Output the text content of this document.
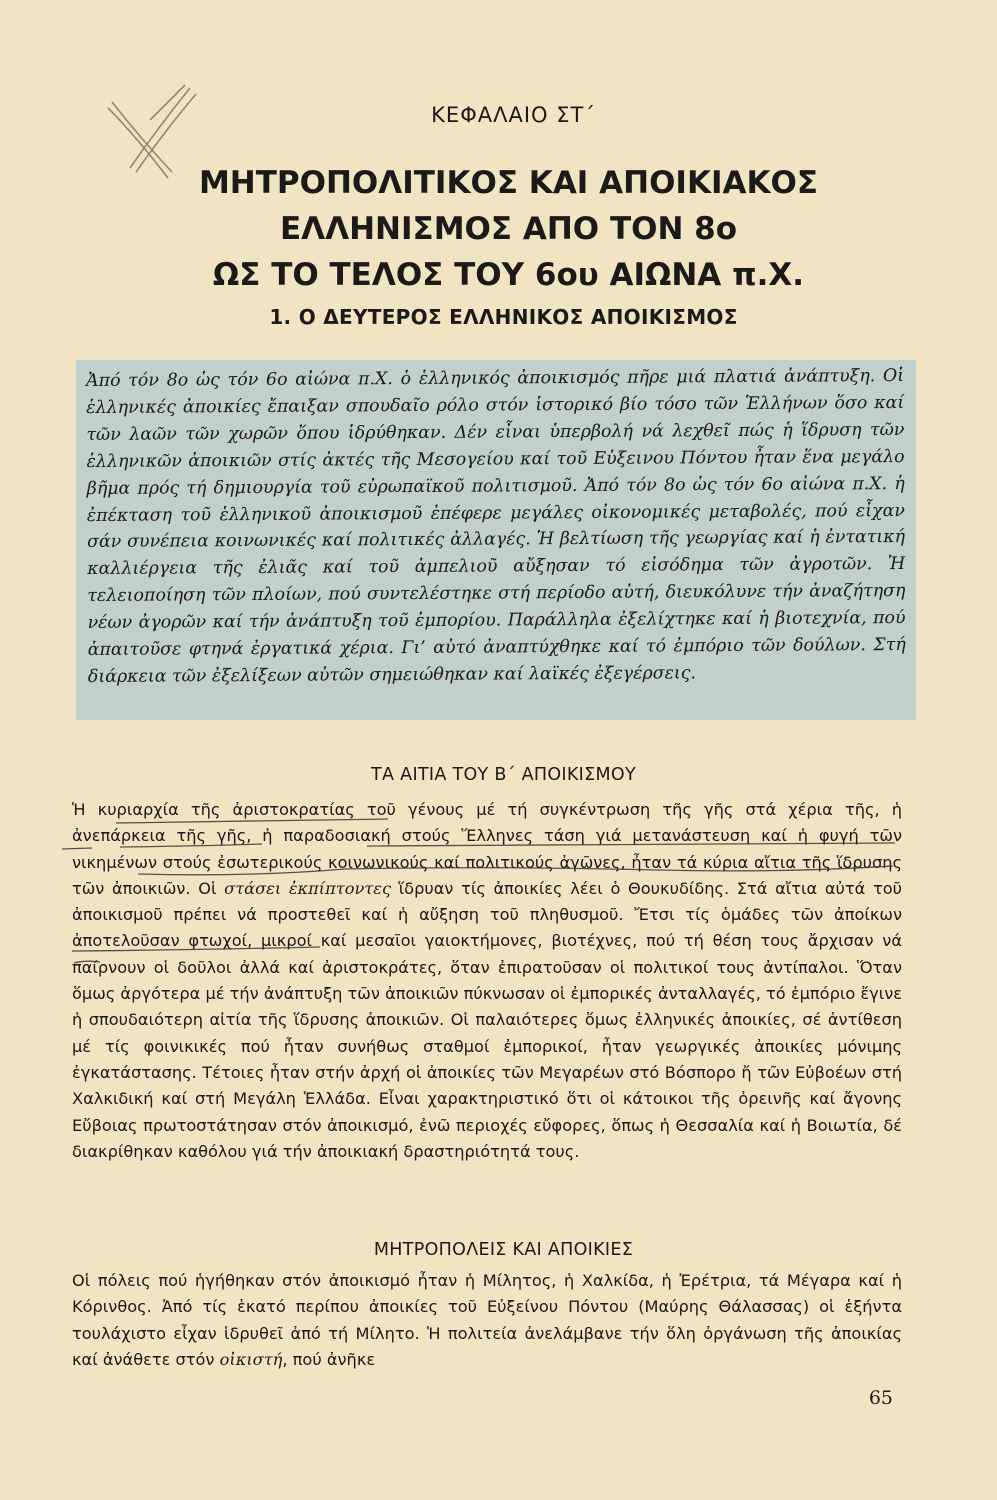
ΚΕΦΑΛΑΙΟ ΣΤ΄
ΜΗΤΡΟΠΟΛΙΤΙΚΟΣ ΚΑΙ ΑΠΟΙΚΙΑΚΟΣ
ΕΛΛΗΝΙΣΜΟΣ ΑΠΟ ΤΟΝ 8ο
ΩΣ ΤΟ ΤΕΛΟΣ ΤΟΥ 6ου ΑΙΩΝΑ π.Χ.
1. Ο ΔΕΥΤΕΡΟΣ ΕΛΛΗΝΙΚΟΣ ΑΠΟΙΚΙΣΜΟΣ
Ἀπό τόν 8ο ὡς τόν 6ο αἰώνα π.Χ. ὁ ἑλληνικός ἀποικισμός πῆρε μιά πλατιά ἀνάπτυξη. Οἱ ἑλληνικές ἀποικίες ἔπαιξαν σπουδαῖο ρόλο στόν ἱστορικό βίο τόσο τῶν Ἑλλήνων ὅσο καί τῶν λαῶν τῶν χωρῶν ὅπου ἱδρύθηκαν. Δέν εἶναι ὑπερβολή νά λεχθεῖ πώς ἡ ἵδρυση τῶν ἑλληνικῶν ἀποικιῶν στίς ἀκτές τῆς Μεσογείου καί τοῦ Εὐξεινου Πόντου ἦταν ἕνα μεγάλο βῆμα πρός τή δημιουργία τοῦ εὐρωπαϊκοῦ πολιτισμοῦ. Ἀπό τόν 8ο ὡς τόν 6ο αἰώνα π.Χ. ἡ ἐπέκταση τοῦ ἑλληνικοῦ ἀποικισμοῦ ἐπέφερε μεγάλες οἰκονομικές μεταβολές, πού εἶχαν σάν συνέπεια κοινωνικές καί πολιτικές ἀλλαγές. Ἡ βελτίωση τῆς γεωργίας καί ἡ ἐντατική καλλιέργεια τῆς ἐλιᾶς καί τοῦ ἀμπελιοῦ αὔξησαν τό εἰσόδημα τῶν ἀγροτῶν. Ἡ τελειοποίηση τῶν πλοίων, πού συντελέστηκε στή περίοδο αὐτή, διευκόλυνε τήν ἀναζήτηση νέων ἀγορῶν καί τήν ἀνάπτυξη τοῦ ἐμπορίου. Παράλληλα ἐξελίχτηκε καί ἡ βιοτεχνία, πού ἀπαιτοῦσε φτηνά ἐργατικά χέρια. Γι’ αὐτό ἀναπτύχθηκε καί τό ἐμπόριο τῶν δούλων. Στή διάρκεια τῶν ἐξελίξεων αὐτῶν σημειώθηκαν καί λαϊκές ἐξεγέρσεις.
ΤΑ ΑΙΤΙΑ ΤΟΥ Β΄ ΑΠΟΙΚΙΣΜΟΥ
Ἡ κυριαρχία τῆς ἀριστοκρατίας τοῦ γένους μέ τή συγκέντρωση τῆς γῆς στά χέρια τῆς, ἡ ἀνεπάρκεια τῆς γῆς, ἡ παραδοσιακή στούς Ἕλληνες τάση γιά μετανάστευση καί ἡ φυγή τῶν νικημένων στούς ἐσωτερικούς κοινωνικούς καί πολιτικούς ἀγῶνες, ἦταν τά κύρια αἴτια τῆς ἵδρυσης τῶν ἀποικιῶν. Οἱ στάσει ἐκπίπτοντες ἵδρυαν τίς ἀποικίες λέει ὁ Θουκυδίδης. Στά αἴτια αὐτά τοῦ ἀποικισμοῦ πρέπει νά προστεθεῖ καί ἡ αὔξηση τοῦ πληθυσμοῦ. Ἔτσι τίς ὁμάδες τῶν ἀποίκων ἀποτελοῦσαν φτωχοί, μικροί καί μεσαῖοι γαιοκτήμονες, βιοτέχνες, πού τή θέση τους ἄρχισαν νά παίρνουν οἱ δοῦλοι ἀλλά καί ἀριστοκράτες, ὅταν ἐπιρατοῦσαν οἱ πολιτικοί τους ἀντίπαλοι. Ὅταν ὅμως ἀργότερα μέ τήν ἀνάπτυξη τῶν ἀποικιῶν πύκνωσαν οἱ ἐμπορικές ἀνταλλαγές, τό ἐμπόριο ἔγινε ἡ σπουδαιότερη αἰτία τῆς ἵδρυσης ἀποικιῶν. Οἱ παλαιότερες ὅμως ἑλληνικές ἀποικίες, σέ ἀντίθεση μέ τίς φοινικικές πού ἦταν συνήθως σταθμοί ἐμπορικοί, ἦταν γεωργικές ἀποικίες μόνιμης ἐγκατάστασης. Τέτοιες ἦταν στήν ἀρχή οἱ ἀποικίες τῶν Μεγαρέων στό Βόσπορο ἤ τῶν Εὐβοέων στή Χαλκιδική καί στή Μεγάλη Ἑλλάδα. Εἶναι χαρακτηριστικό ὅτι οἱ κάτοικοι τῆς ὀρεινῆς καί ἄγονης Εὔβοιας πρωτοστάτησαν στόν ἀποικισμό, ἐνῶ περιοχές εὔφορες, ὅπως ἡ Θεσσαλία καί ἡ Βοιωτία, δέ διακρίθηκαν καθόλου γιά τήν ἀποικιακή δραστηριότητά τους.
ΜΗΤΡΟΠΟΛΕΙΣ ΚΑΙ ΑΠΟΙΚΙΕΣ
Οἱ πόλεις πού ἡγήθηκαν στόν ἀποικισμό ἦταν ἡ Μίλητος, ἡ Χαλκίδα, ἡ Ἐρέτρια, τά Μέγαρα καί ἡ Κόρινθος. Ἀπό τίς ἑκατό περίπου ἀποικίες τοῦ Εὐξείνου Πόντου (Μαύρης Θάλασσας) οἱ ἑξήντα τουλάχιστο εἶχαν ἱδρυθεῖ ἀπό τή Μίλητο. Ἡ πολιτεία ἀνελάμβανε τήν ὅλη ὀργάνωση τῆς ἀποικίας καί ἀνάθετε στόν οἰκιστή, πού ἀνῆκε
65
